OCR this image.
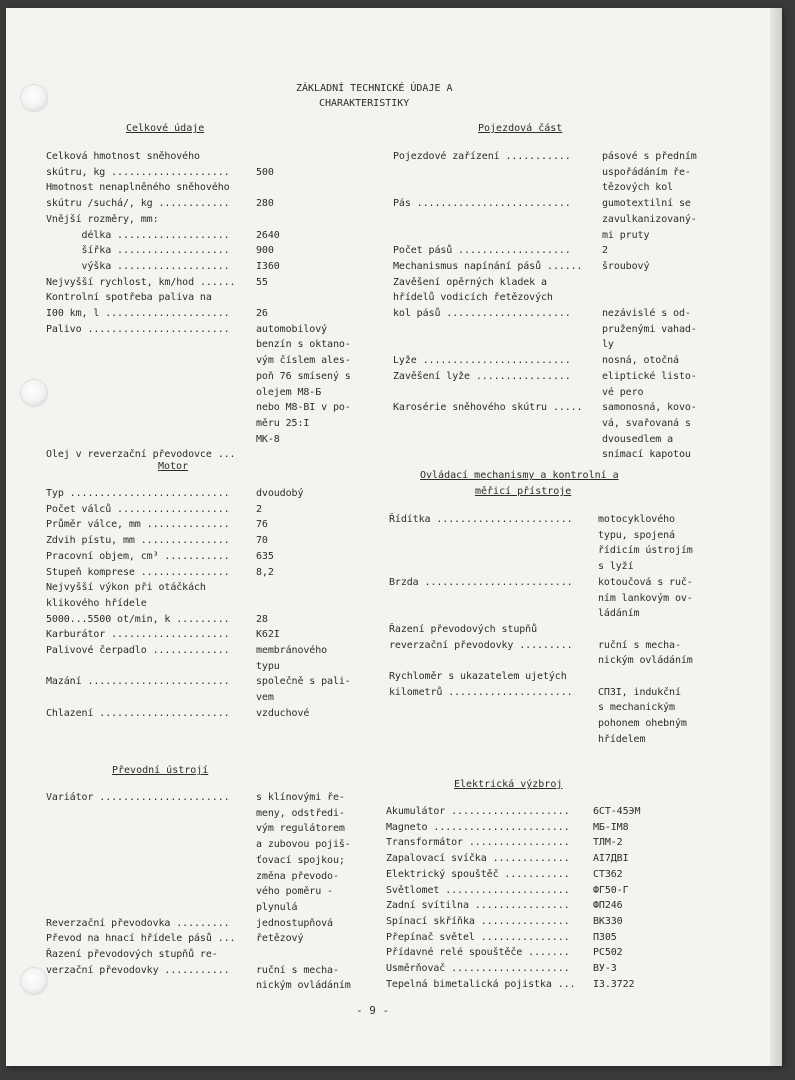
ZÁKLADNÍ TECHNICKÉ ÚDAJE A
CHARAKTERISTIKY
Celkové údaje
Celková hmotnost sněhového
skútru, kg ....................
Hmotnost nenaplněného sněhového
skútru /suchá/, kg ............
Vnější rozměry, mm:
délka ...................
šířka ...................
výška ...................
Nejvyšší rychlost, km/hod ......
Kontrolní spotřeba paliva na
I00 km, l .....................
Palivo ........................

Olej v reverzační převodovce ...

500

280

2640
900
I360
55

26
automobilový
benzín s oktano-
vým číslem ales-
poň 76 smísený s
olejem M8-Б
nebo M8-BI v po-
měru 25:I
MK-8
Motor
Typ ...........................
Počet válců ...................
Průměr válce, mm ..............
Zdvih pístu, mm ...............
Pracovní objem, cm³ ...........
Stupeň komprese ...............
Nejvyšší výkon při otáčkách
klikového hřídele
5000...5500 ot/min, k .........
Karburátor ....................
Palivové čerpadlo .............

Mazání ........................

Chlazení ......................
dvoudobý
2
76
70
635
8,2

28
K62I
membránového
typu
společně s pali-
vem
vzduchové
Převodní ústrojí
Variátor ......................

Reverzační převodovka .........
Převod na hnací hřídele pásů ...
Řazení převodových stupňů re-
verzační převodovky ...........
s klínovými ře-
meny, odstředi-
vým regulátorem
a zubovou pojiš-
ťovací spojkou;
změna převodo-
vého poměru -
plynulá
jednostupňová
řetězový

ruční s mecha-
nickým ovládáním
Pojezdová část
Pojezdové zařízení ...........

Pás ..........................

Počet pásů ...................
Mechanismus napínání pásů ......
Zavěšení opěrných kladek a
hřídelů vodicích řetězových
kol pásů .....................

Lyže .........................
Zavěšení lyže ................

Karosérie sněhového skútru .....
pásové s předním
uspořádáním ře-
tězových kol
gumotextilní se
zavulkanizovaný-
mi pruty
2
šroubový

nezávislé s od-
pruženými vahad-
ly
nosná, otočná
eliptické listo-
vé pero
samonosná, kovo-
vá, svařovaná s
dvousedlem a
snímací kapotou
Ovládací mechanismy a kontrolní a
měřicí přístroje
Řídítka .......................

Brzda .........................

Řazení převodových stupňů
reverzační převodovky .........

Rychloměr s ukazatelem ujetých
kilometrů .....................
motocyklového
typu, spojená
řídicím ústrojím
s lyží
kotoučová s ruč-
ním lankovým ov-
ládáním

ruční s mecha-
nickým ovládáním

СП3I, indukční
s mechanickým
pohonem ohebným
hřídelem
Elektrická výzbroj
Akumulátor ....................
Magneto .......................
Transformátor .................
Zapalovací svíčka .............
Elektrický spouštěč ...........
Světlomet .....................
Zadní svítilna ................
Spínací skříňka ...............
Přepínač světel ...............
Přídavné relé spouštěče .......
Usměrňovač ....................
Tepelná bimetalická pojistka ...
6CT-45ЭM
МБ-IМ8
TЛМ-2
AI7ДВI
CT362
ФГ50-Г
ФП246
BK330
П305
PC502
ВУ-3
I3.3722
- 9 -
